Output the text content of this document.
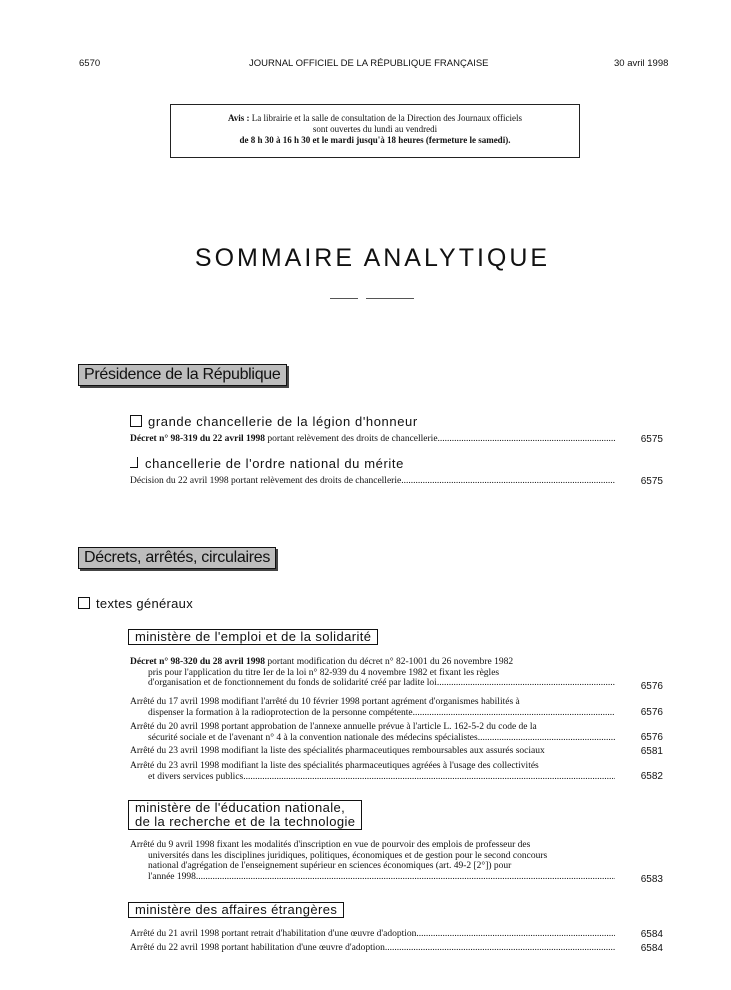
6570	JOURNAL OFFICIEL DE LA RÉPUBLIQUE FRANÇAISE	30 avril 1998
Avis : La librairie et la salle de consultation de la Direction des Journaux officiels
sont ouvertes du lundi au vendredi
de 8 h 30 à 16 h 30 et le mardi jusqu'à 18 heures (fermeture le samedi).
SOMMAIRE ANALYTIQUE
Présidence de la République
grande chancellerie de la légion d'honneur
Décret n° 98-319 du 22 avril 1998 portant relèvement des droits de chancellerie .....	6575
chancellerie de l'ordre national du mérite
Décision du 22 avril 1998 portant relèvement des droits de chancellerie .....	6575
Décrets, arrêtés, circulaires
textes généraux
ministère de l'emploi et de la solidarité
Décret n° 98-320 du 28 avril 1998 portant modification du décret n° 82-1001 du 26 novembre 1982
pris pour l'application du titre Ier de la loi n° 82-939 du 4 novembre 1982 et fixant les règles
d'organisation et de fonctionnement du fonds de solidarité créé par ladite loi .....	6576
Arrêté du 17 avril 1998 modifiant l'arrêté du 10 février 1998 portant agrément d'organismes habilités à
dispenser la formation à la radioprotection de la personne compétente .....	6576
Arrêté du 20 avril 1998 portant approbation de l'annexe annuelle prévue à l'article L. 162-5-2 du code de la
sécurité sociale et de l'avenant n° 4 à la convention nationale des médecins spécialistes .....	6576
Arrêté du 23 avril 1998 modifiant la liste des spécialités pharmaceutiques remboursables aux assurés sociaux	6581
Arrêté du 23 avril 1998 modifiant la liste des spécialités pharmaceutiques agréées à l'usage des collectivités
et divers services publics .....	6582
ministère de l'éducation nationale,
de la recherche et de la technologie
Arrêté du 9 avril 1998 fixant les modalités d'inscription en vue de pourvoir des emplois de professeur des
universités dans les disciplines juridiques, politiques, économiques et de gestion pour le second concours
national d'agrégation de l'enseignement supérieur en sciences économiques (art. 49-2 [2°]) pour
l'année 1998 .....	6583
ministère des affaires étrangères
Arrêté du 21 avril 1998 portant retrait d'habilitation d'une œuvre d'adoption .....	6584
Arrêté du 22 avril 1998 portant habilitation d'une œuvre d'adoption .....	6584
